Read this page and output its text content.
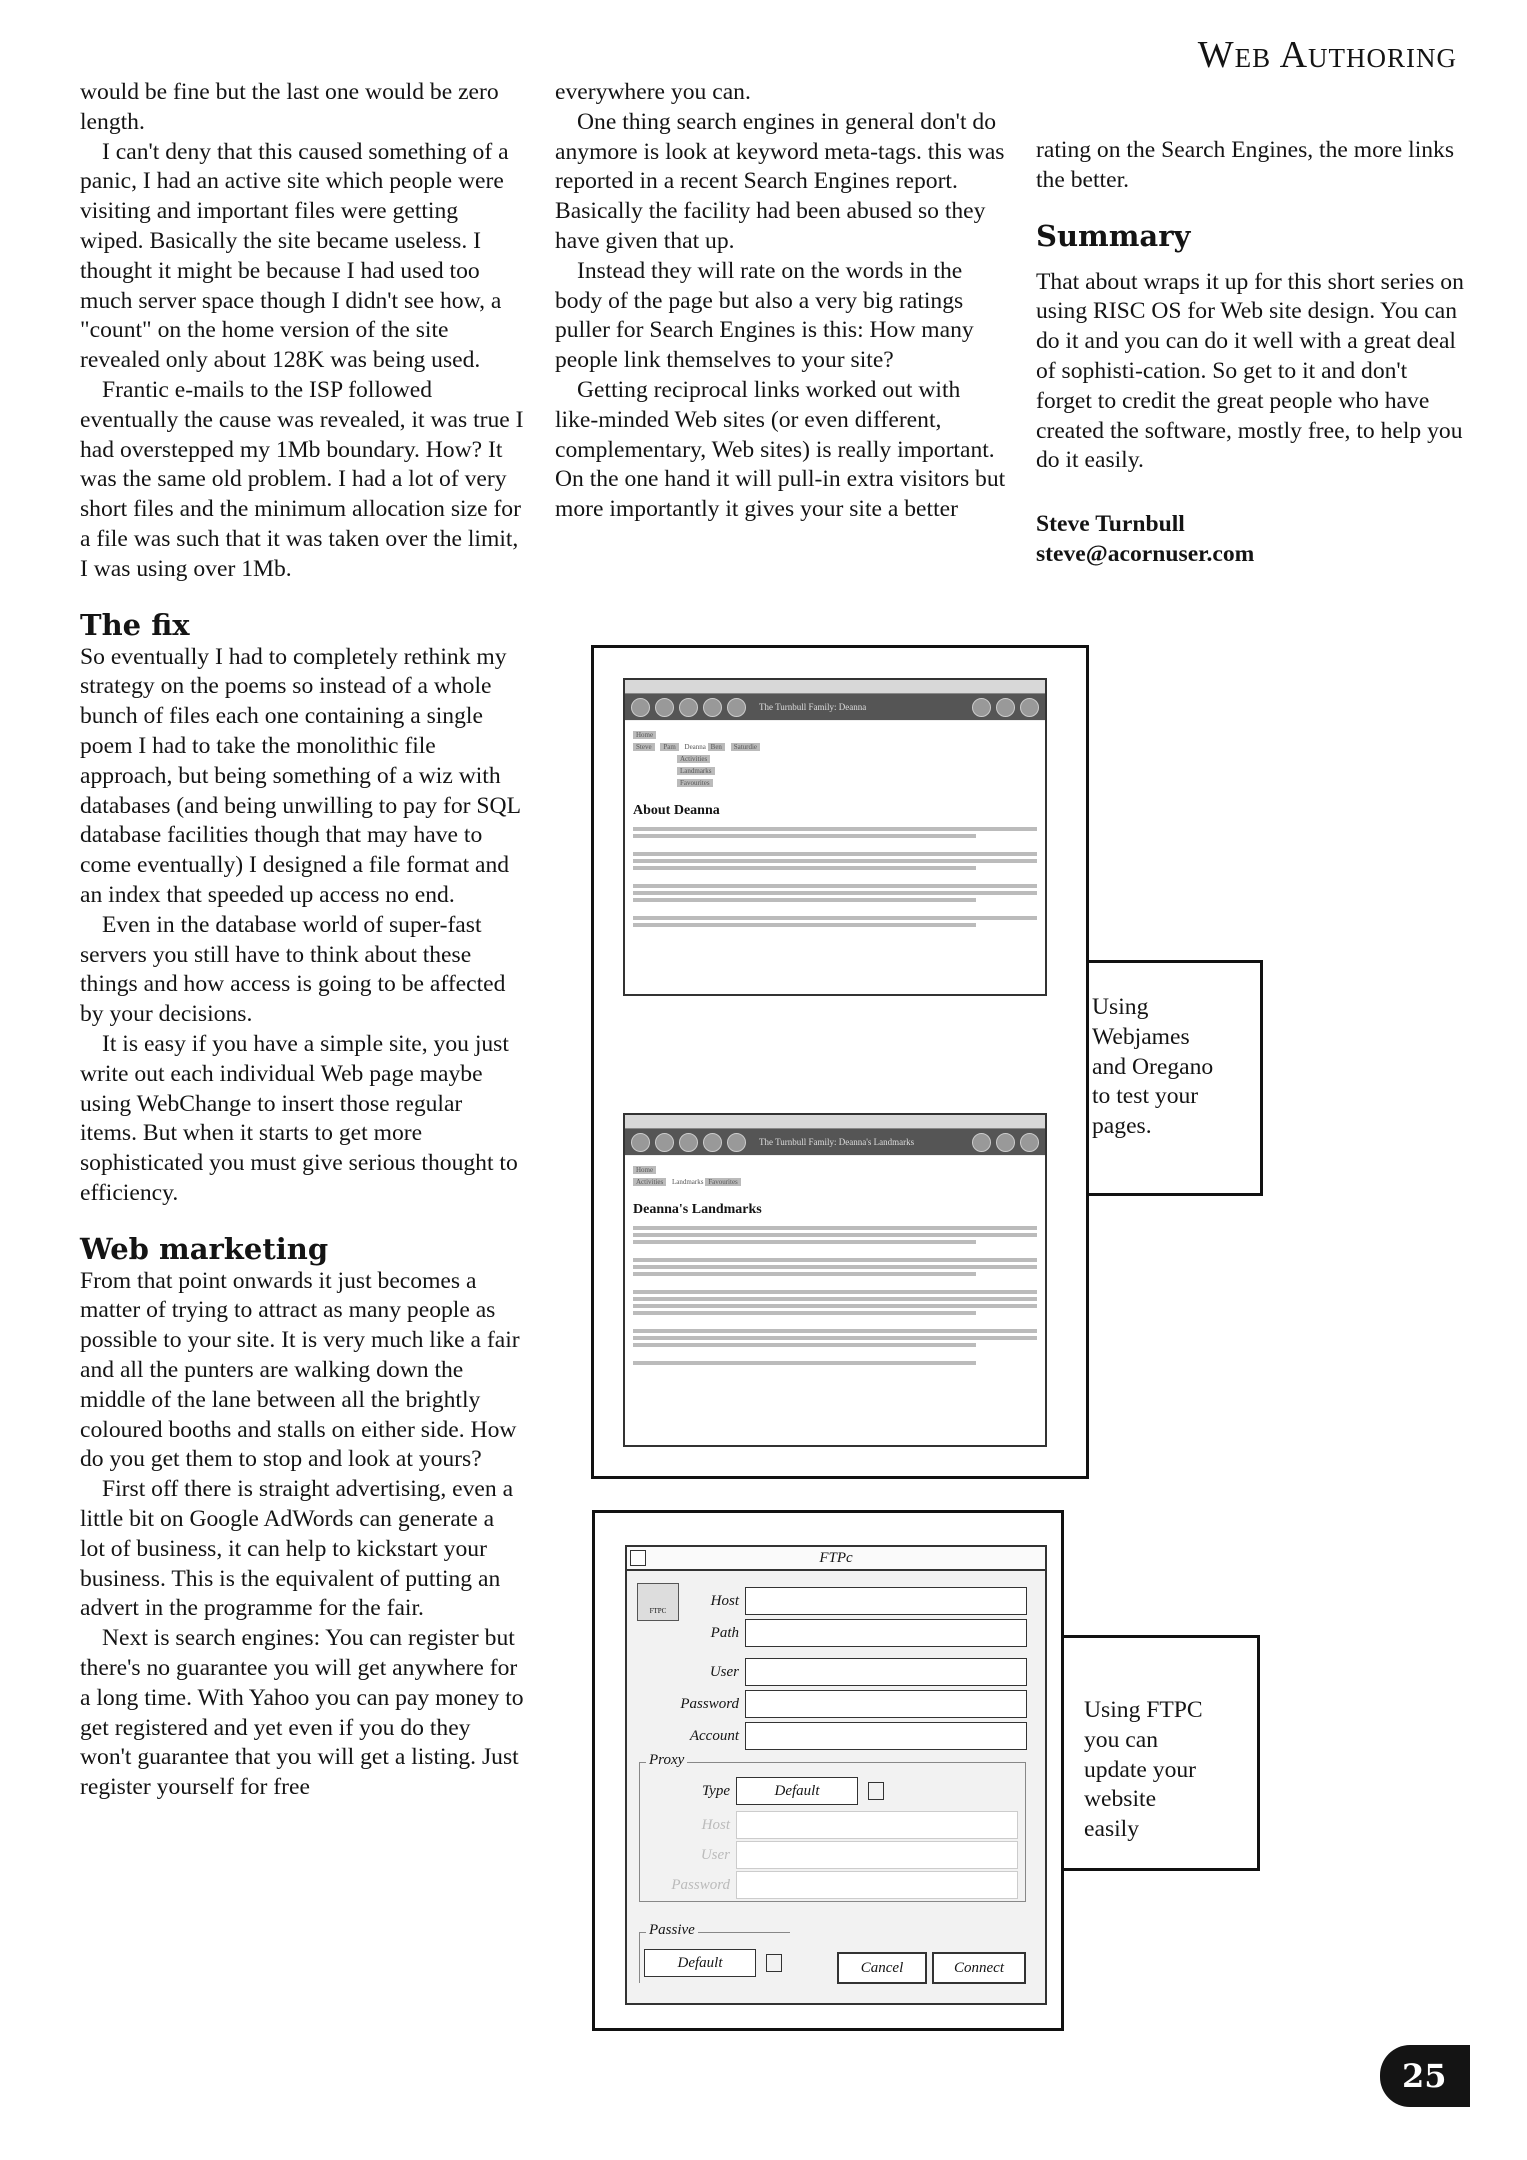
Web Authoring

would be fine but the last one would be zero length.

I can't deny that this caused something of a panic, I had an active site which people were visiting and important files were getting wiped. Basically the site became useless. I thought it might be because I had used too much server space though I didn't see how, a "count" on the home version of the site revealed only about 128K was being used.

Frantic e-mails to the ISP followed eventually the cause was revealed, it was true I had overstepped my 1Mb boundary. How? It was the same old problem. I had a lot of very short files and the minimum allocation size for a file was such that it was taken over the limit, I was using over 1Mb.

The fix

So eventually I had to completely rethink my strategy on the poems so instead of a whole bunch of files each one containing a single poem I had to take the monolithic file approach, but being something of a wiz with databases (and being unwilling to pay for SQL database facilities though that may have to come eventually) I designed a file format and an index that speeded up access no end.

Even in the database world of super-fast servers you still have to think about these things and how access is going to be affected by your decisions.

It is easy if you have a simple site, you just write out each individual Web page maybe using WebChange to insert those regular items. But when it starts to get more sophisticated you must give serious thought to efficiency.

Web marketing

From that point onwards it just becomes a matter of trying to attract as many people as possible to your site. It is very much like a fair and all the punters are walking down the middle of the lane between all the brightly coloured booths and stalls on either side. How do you get them to stop and look at yours?

First off there is straight advertising, even a little bit on Google AdWords can generate a lot of business, it can help to kickstart your business. This is the equivalent of putting an advert in the programme for the fair.

Next is search engines: You can register but there's no guarantee you will get anywhere for a long time. With Yahoo you can pay money to get registered and yet even if you do they won't guarantee that you will get a listing. Just register yourself for free

everywhere you can.

One thing search engines in general don't do anymore is look at keyword meta-tags. this was reported in a recent Search Engines report. Basically the facility had been abused so they have given that up.

Instead they will rate on the words in the body of the page but also a very big ratings puller for Search Engines is this: How many people link themselves to your site?

Getting reciprocal links worked out with like-minded Web sites (or even different, complementary, Web sites) is really important. On the one hand it will pull-in extra visitors but more importantly it gives your site a better

rating on the Search Engines, the more links the better.

Summary

That about wraps it up for this short series on using RISC OS for Web site design. You can do it and you can do it well with a great deal of sophisti-cation. So get to it and don't forget to credit the great people who have created the software, mostly free, to help you do it easily.

Steve Turnbull
steve@acornuser.com
Using
Webjames
and Oregano
to test your
pages.
The Turnbull Family: Deanna
Home
Steve Pam Deanna Ben Saturdie
Activities
Landmarks
Favourites
About Deanna
The Turnbull Family: Deanna's Landmarks
Home
Activities Landmarks Favourites
Deanna's Landmarks
Using FTPC
you can
update your
website
easily
FTPc
FTPC
Host
Path
User
Password
Account
Proxy
Type	Default
Host
User
Password
Passive
Default	Cancel	Connect
25
